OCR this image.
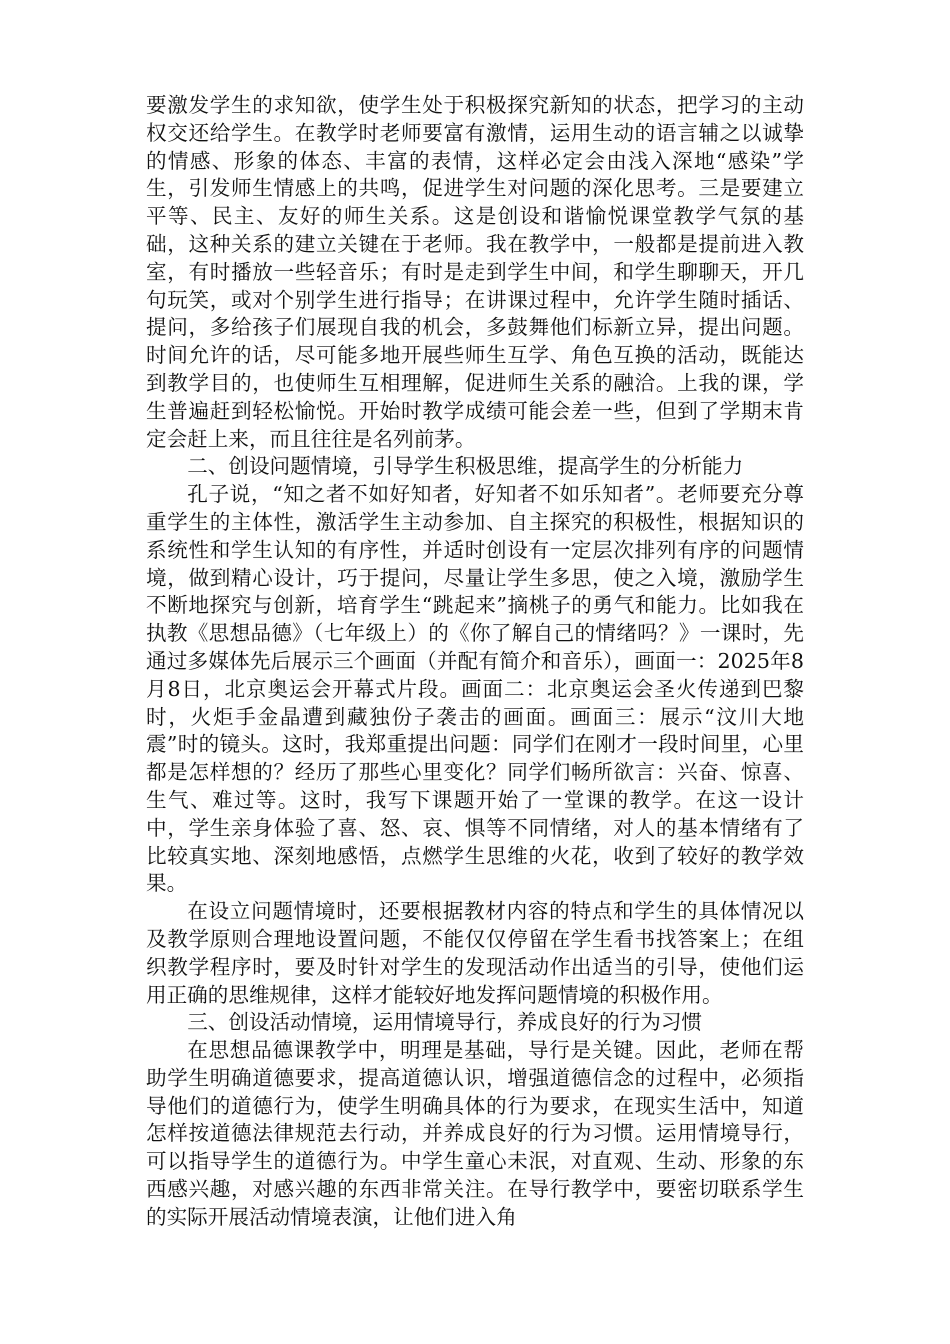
要激发学生的求知欲，使学生处于积极探究新知的状态，把学习的主动权交还给学生。在教学时老师要富有激情，运用生动的语言辅之以诚挚的情感、形象的体态、丰富的表情，这样必定会由浅入深地“感染”学生，引发师生情感上的共鸣，促进学生对问题的深化思考。三是要建立平等、民主、友好的师生关系。这是创设和谐愉悦课堂教学气氛的基础，这种关系的建立关键在于老师。我在教学中，一般都是提前进入教室，有时播放一些轻音乐；有时是走到学生中间，和学生聊聊天，开几句玩笑，或对个别学生进行指导；在讲课过程中，允许学生随时插话、提问，多给孩子们展现自我的机会，多鼓舞他们标新立异，提出问题。时间允许的话，尽可能多地开展些师生互学、角色互换的活动，既能达到教学目的，也使师生互相理解，促进师生关系的融洽。上我的课，学生普遍赶到轻松愉悦。开始时教学成绩可能会差一些，但到了学期末肯定会赶上来，而且往往是名列前茅。

二、创设问题情境，引导学生积极思维，提高学生的分析能力

孔子说，“知之者不如好知者，好知者不如乐知者”。老师要充分尊重学生的主体性，激活学生主动参加、自主探究的积极性，根据知识的系统性和学生认知的有序性，并适时创设有一定层次排列有序的问题情境，做到精心设计，巧于提问，尽量让学生多思，使之入境，激励学生不断地探究与创新，培育学生“跳起来”摘桃子的勇气和能力。比如我在执教《思想品德》（七年级上）的《你了解自己的情绪吗？》一课时，先通过多媒体先后展示三个画面（并配有简介和音乐），画面一：2025年8月8日，北京奥运会开幕式片段。画面二：北京奥运会圣火传递到巴黎时，火炬手金晶遭到藏独份子袭击的画面。画面三：展示“汶川大地震”时的镜头。这时，我郑重提出问题：同学们在刚才一段时间里，心里都是怎样想的？经历了那些心里变化？同学们畅所欲言：兴奋、惊喜、生气、难过等。这时，我写下课题开始了一堂课的教学。在这一设计中，学生亲身体验了喜、怒、哀、惧等不同情绪，对人的基本情绪有了比较真实地、深刻地感悟，点燃学生思维的火花，收到了较好的教学效果。

在设立问题情境时，还要根据教材内容的特点和学生的具体情况以及教学原则合理地设置问题，不能仅仅停留在学生看书找答案上；在组织教学程序时，要及时针对学生的发现活动作出适当的引导，使他们运用正确的思维规律，这样才能较好地发挥问题情境的积极作用。

三、创设活动情境，运用情境导行，养成良好的行为习惯

在思想品德课教学中，明理是基础，导行是关键。因此，老师在帮助学生明确道德要求，提高道德认识，增强道德信念的过程中，必须指导他们的道德行为，使学生明确具体的行为要求，在现实生活中，知道怎样按道德法律规范去行动，并养成良好的行为习惯。运用情境导行，可以指导学生的道德行为。中学生童心未泯，对直观、生动、形象的东西感兴趣，对感兴趣的东西非常关注。在导行教学中，要密切联系学生的实际开展活动情境表演，让他们进入角
